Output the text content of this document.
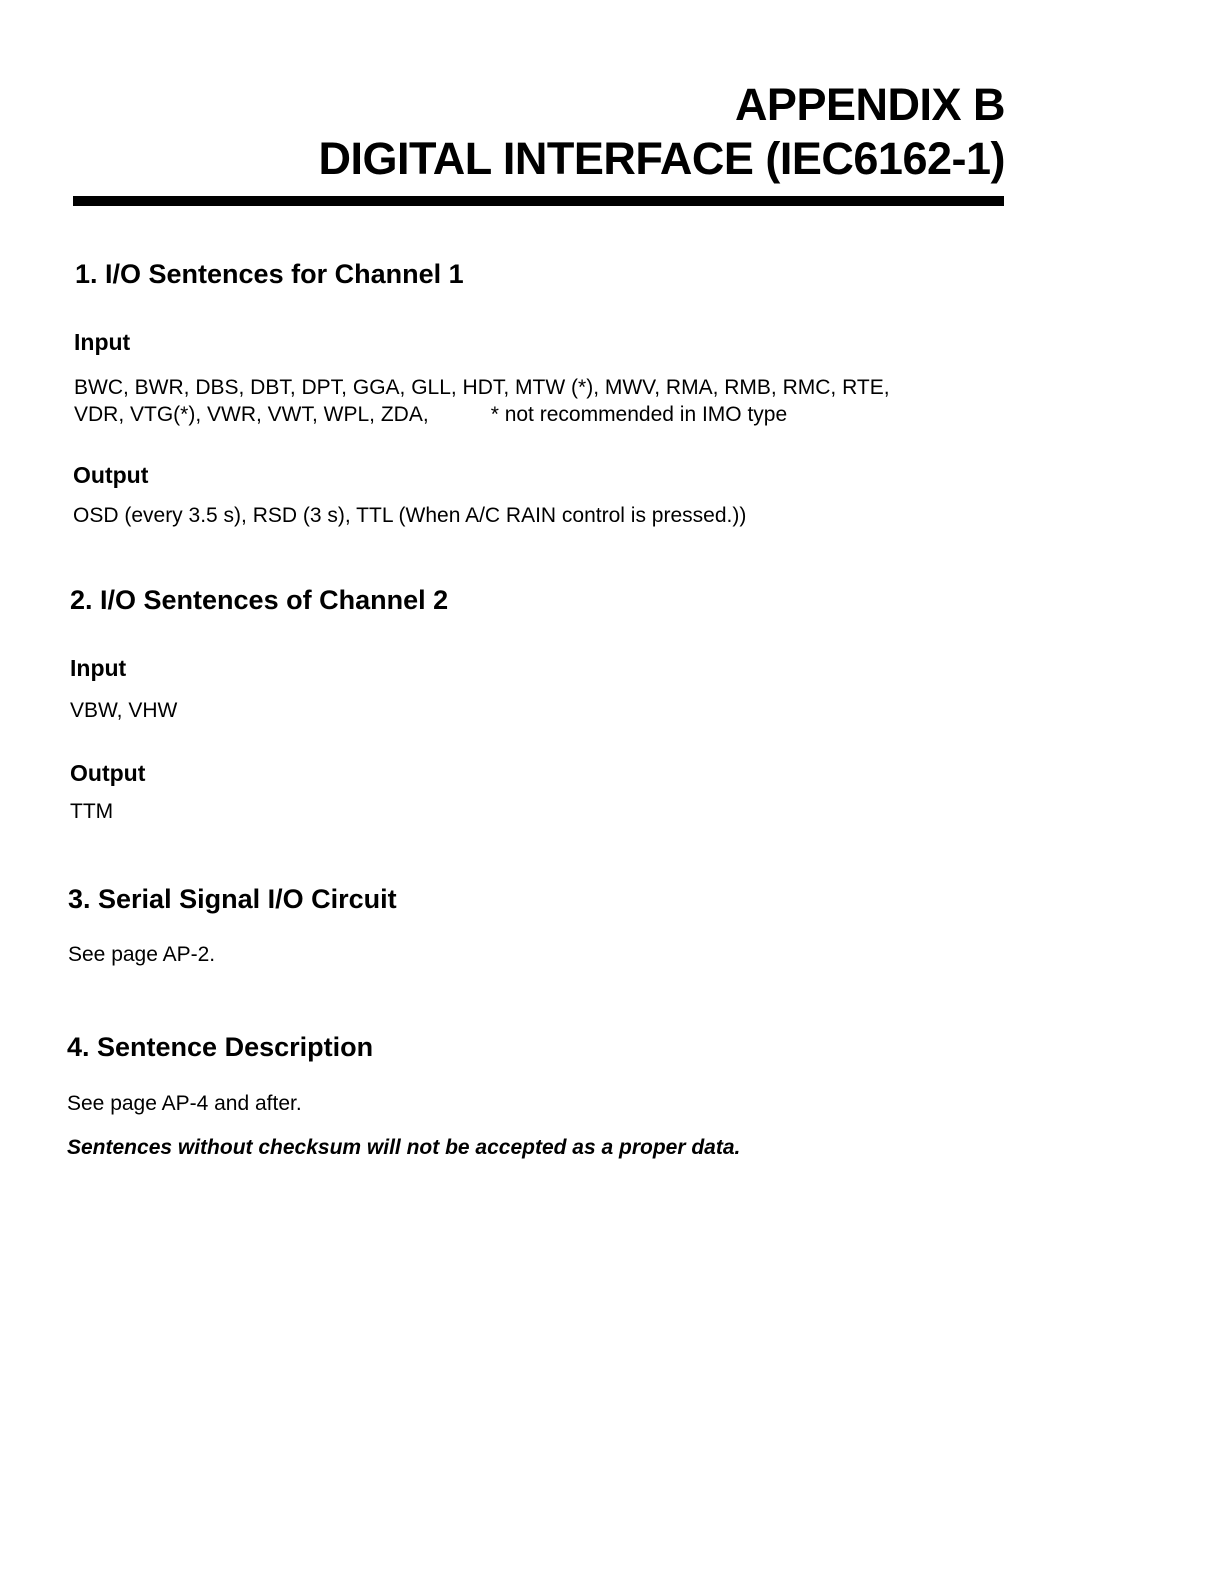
APPENDIX B
DIGITAL INTERFACE (IEC6162-1)
1. I/O Sentences for Channel 1
Input
BWC, BWR, DBS, DBT, DPT, GGA, GLL, HDT, MTW (*), MWV, RMA, RMB, RMC, RTE,
VDR, VTG(*), VWR, VWT, WPL, ZDA,	* not recommended in IMO type
Output
OSD (every 3.5 s), RSD (3 s), TTL (When A/C RAIN control is pressed.))
2. I/O Sentences of Channel 2
Input
VBW, VHW
Output
TTM
3. Serial Signal I/O Circuit
See page AP-2.
4. Sentence Description
See page AP-4 and after.
Sentences without checksum will not be accepted as a proper data.
